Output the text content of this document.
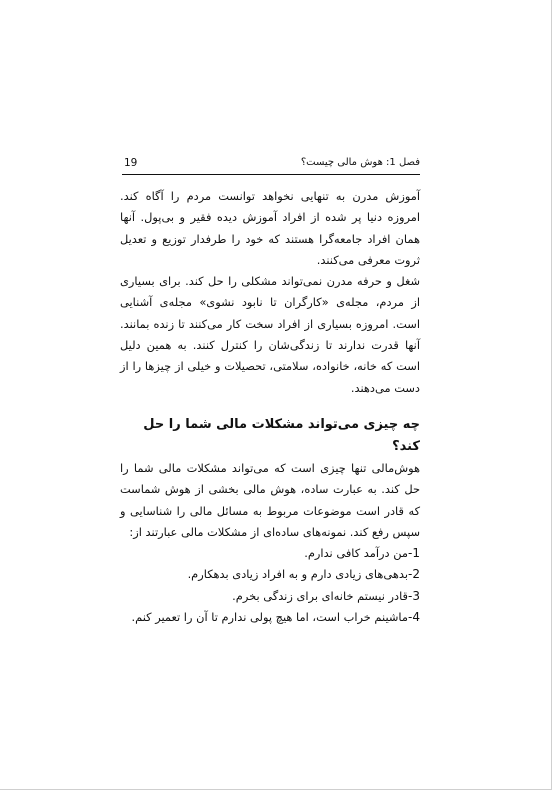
19	فصل 1: هوش مالی چیست؟

آموزش مدرن به تنهایی نخواهد توانست مردم را آگاه کند. امروزه دنیا پر شده از افراد آموزش دیده فقیر و بی‌پول. آنها همان افراد جامعه‌گرا هستند که خود را طرفدار توزیع و تعدیل ثروت معرفی می‌کنند.

شغل و حرفه مدرن نمی‌تواند مشکلی را حل کند. برای بسیاری از مردم، مجله‌ی «کارگران تا نابود نشوی» مجله‌ی آشنایی است. امروزه بسیاری از افراد سخت کار می‌کنند تا زنده بمانند. آنها قدرت ندارند تا زندگی‌شان را کنترل کنند. به همین دلیل است که خانه، خانواده، سلامتی، تحصیلات و خیلی از چیزها را از دست می‌دهند.

چه چیزی می‌تواند مشکلات مالی شما را حل کند؟

هوش‌مالی تنها چیزی است که می‌تواند مشکلات مالی شما را حل کند. به عبارت ساده، هوش مالی بخشی از هوش شماست که قادر است موضوعات مربوط به مسائل مالی را شناسایی و سپس رفع کند. نمونه‌های ساده‌ای از مشکلات مالی عبارتند از:

1-من درآمد کافی ندارم.
2-بدهی‌های زیادی دارم و به افراد زیادی بدهکارم.
3-قادر نیستم خانه‌ای برای زندگی بخرم.
4-ماشینم خراب است، اما هیچ پولی ندارم تا آن را تعمیر کنم.
